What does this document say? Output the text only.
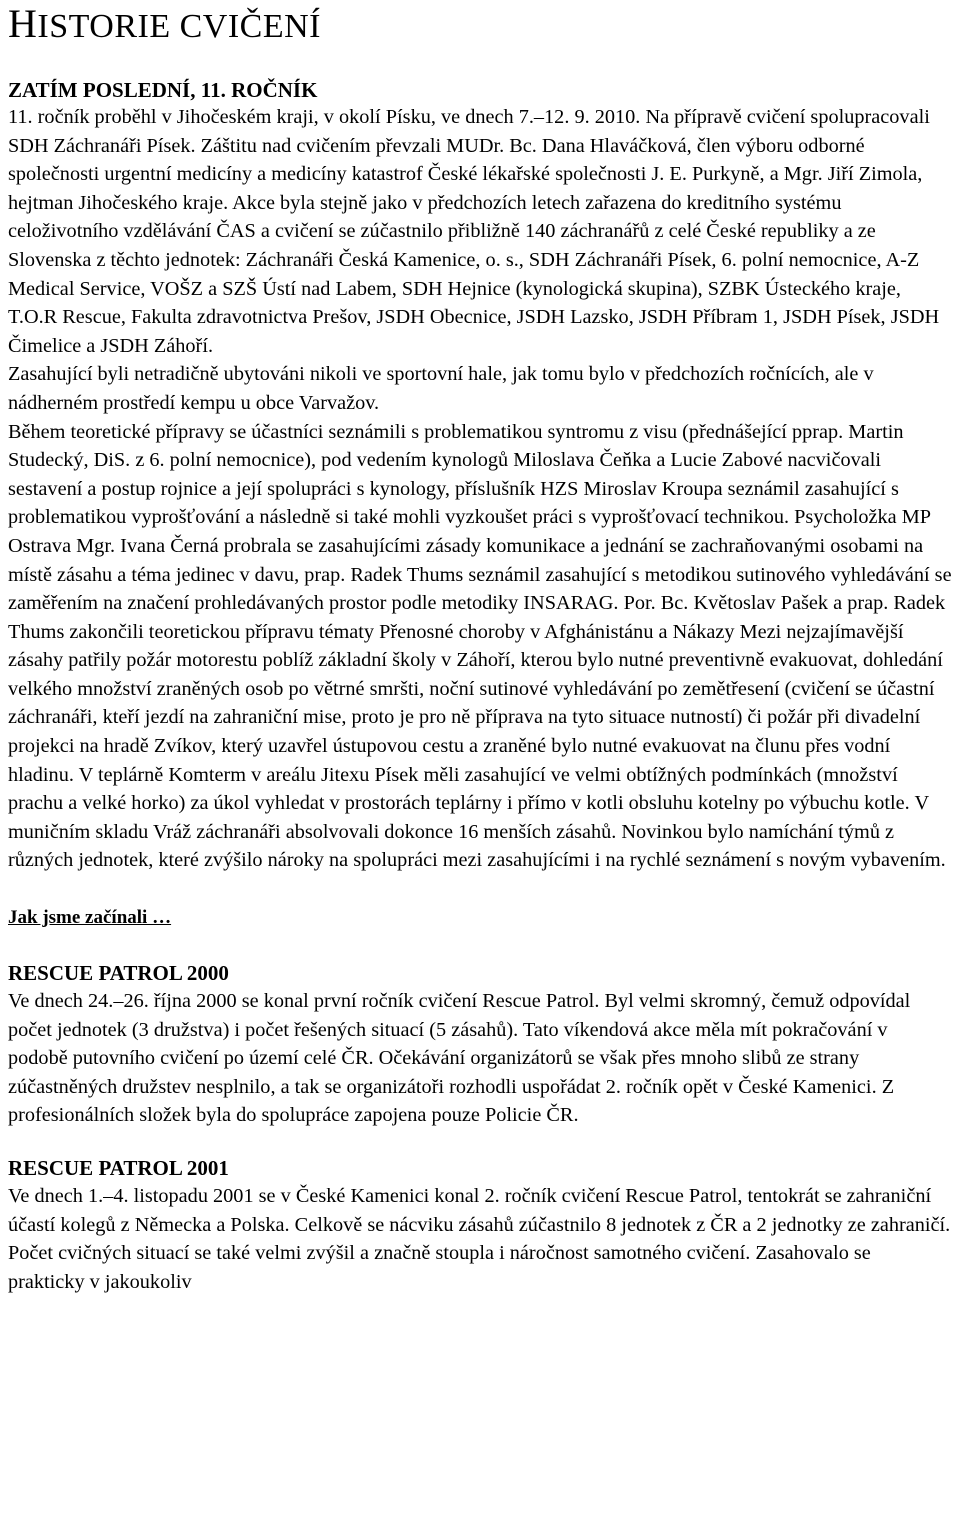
HISTORIE CVIČENÍ
ZATÍM POSLEDNÍ, 11. ROČNÍK

11. ročník proběhl v Jihočeském kraji, v okolí Písku, ve dnech 7.–12. 9. 2010. Na přípravě cvičení spolupracovali SDH Záchranáři Písek. Záštitu nad cvičením převzali MUDr. Bc. Dana Hlaváčková, člen výboru odborné společnosti urgentní medicíny a medicíny katastrof České lékařské společnosti J. E. Purkyně, a Mgr. Jiří Zimola, hejtman Jihočeského kraje. Akce byla stejně jako v předchozích letech zařazena do kreditního systému celoživotního vzdělávání ČAS a cvičení se zúčastnilo přibližně 140 záchranářů z celé České republiky a ze Slovenska z těchto jednotek: Záchranáři Česká Kamenice, o. s., SDH Záchranáři Písek, 6. polní nemocnice, A-Z Medical Service, VOŠZ a SZŠ Ústí nad Labem, SDH Hejnice (kynologická skupina), SZBK Ústeckého kraje, T.O.R Rescue, Fakulta zdravotnictva Prešov, JSDH Obecnice, JSDH Lazsko, JSDH Příbram 1, JSDH Písek, JSDH Čimelice a JSDH Záhoří.

Zasahující byli netradičně ubytováni nikoli ve sportovní hale, jak tomu bylo v předchozích ročnících, ale v nádherném prostředí kempu u obce Varvažov.

Během teoretické přípravy se účastníci seznámili s problematikou syntromu z visu (přednášející pprap. Martin Studecký, DiS. z 6. polní nemocnice), pod vedením kynologů Miloslava Čeňka a Lucie Zabové nacvičovali sestavení a postup rojnice a její spolupráci s kynology, příslušník HZS Miroslav Kroupa seznámil zasahující s problematikou vyprošťování a následně si také mohli vyzkoušet práci s vyprošťovací technikou. Psycholožka MP Ostrava Mgr. Ivana Černá probrala se zasahujícími zásady komunikace a jednání se zachraňovanými osobami na místě zásahu a téma jedinec v davu, prap. Radek Thums seznámil zasahující s metodikou sutinového vyhledávání se zaměřením na značení prohledávaných prostor podle metodiky INSARAG. Por. Bc. Květoslav Pašek a prap. Radek Thums zakončili teoretickou přípravu tématy Přenosné choroby v Afghánistánu a Nákazy Mezi nejzajímavější zásahy patřily požár motorestu poblíž základní školy v Záhoří, kterou bylo nutné preventivně evakuovat, dohledání velkého množství zraněných osob po větrné smršti, noční sutinové vyhledávání po zemětřesení (cvičení se účastní záchranáři, kteří jezdí na zahraniční mise, proto je pro ně příprava na tyto situace nutností) či požár při divadelní projekci na hradě Zvíkov, který uzavřel ústupovou cestu a zraněné bylo nutné evakuovat na člunu přes vodní hladinu. V teplárně Komterm v areálu Jitexu Písek měli zasahující ve velmi obtížných podmínkách (množství prachu a velké horko) za úkol vyhledat v prostorách teplárny i přímo v kotli obsluhu kotelny po výbuchu kotle. V muničním skladu Vráž záchranáři absolvovali dokonce 16 menších zásahů. Novinkou bylo namíchání týmů z různých jednotek, které zvýšilo nároky na spolupráci mezi zasahujícími i na rychlé seznámení s novým vybavením.

Jak jsme začínali …
RESCUE PATROL 2000

Ve dnech 24.–26. října 2000 se konal první ročník cvičení Rescue Patrol. Byl velmi skromný, čemuž odpovídal počet jednotek (3 družstva) i počet řešených situací (5 zásahů). Tato víkendová akce měla mít pokračování v podobě putovního cvičení po území celé ČR. Očekávání organizátorů se však přes mnoho slibů ze strany zúčastněných družstev nesplnilo, a tak se organizátoři rozhodli uspořádat 2. ročník opět v České Kamenici. Z profesionálních složek byla do spolupráce zapojena pouze Policie ČR.

RESCUE PATROL 2001

Ve dnech 1.–4. listopadu 2001 se v České Kamenici konal 2. ročník cvičení Rescue Patrol, tentokrát se zahraniční účastí kolegů z Německa a Polska. Celkově se nácviku zásahů zúčastnilo 8 jednotek z ČR a 2 jednotky ze zahraničí. Počet cvičných situací se také velmi zvýšil a značně stoupla i náročnost samotného cvičení. Zasahovalo se prakticky v jakoukoliv
